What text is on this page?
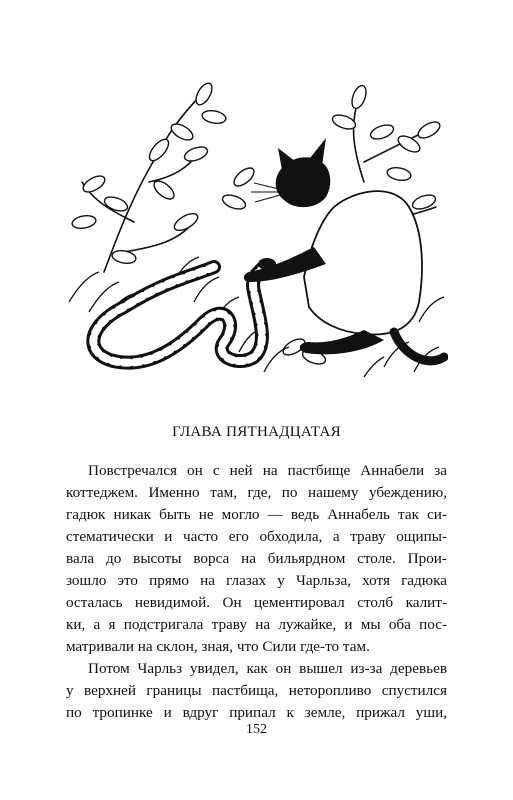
ГЛАВА ПЯТНАДЦАТАЯ
Повстречался он с ней на пастбище Аннабели за
коттеджем. Именно там, где, по нашему убеждению,
гадюк никак быть не могло — ведь Аннабель так си-
стематически и часто его обходила, а траву ощипы-
вала до высоты ворса на бильярдном столе. Прои-
зошло это прямо на глазах у Чарльза, хотя гадюка
осталась невидимой. Он цементировал столб калит-
ки, а я подстригала траву на лужайке, и мы оба пос-
матривали на склон, зная, что Сили где-то там.
Потом Чарльз увидел, как он вышел из-за деревьев
у верхней границы пастбища, неторопливо спустился
по тропинке и вдруг припал к земле, прижал уши,
152
